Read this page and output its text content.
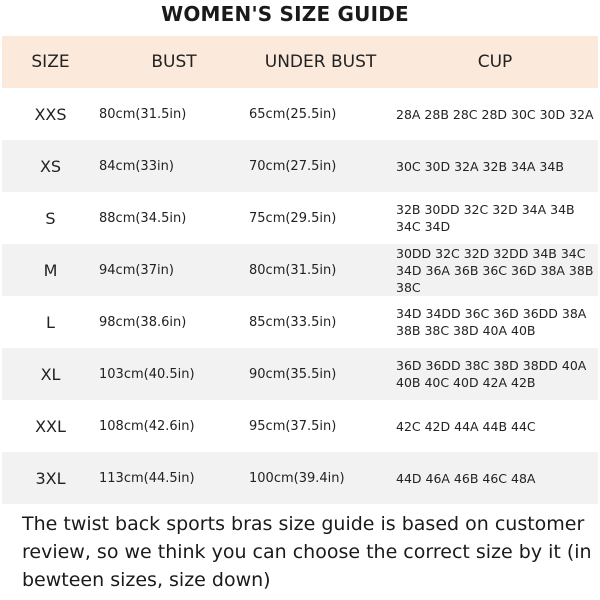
WOMEN'S SIZE GUIDE
SIZE	BUST	UNDER BUST	CUP
XXS	80cm(31.5in)	65cm(25.5in)	28A 28B 28C 28D 30C 30D 32A
XS	84cm(33in)	70cm(27.5in)	30C 30D 32A 32B 34A 34B
S	88cm(34.5in)	75cm(29.5in)	32B 30DD 32C 32D 34A 34B 34C 34D
M	94cm(37in)	80cm(31.5in)	30DD 32C 32D 32DD 34B 34C 34D 36A 36B 36C 36D 38A 38B 38C
L	98cm(38.6in)	85cm(33.5in)	34D 34DD 36C 36D 36DD 38A 38B 38C 38D 40A 40B
XL	103cm(40.5in)	90cm(35.5in)	36D 36DD 38C 38D 38DD 40A 40B 40C 40D 42A 42B
XXL	108cm(42.6in)	95cm(37.5in)	42C 42D 44A 44B 44C
3XL	113cm(44.5in)	100cm(39.4in)	44D 46A 46B 46C 48A
The twist back sports bras size guide is based on customer review, so we think you can choose the correct size by it (in bewteen sizes, size down)
